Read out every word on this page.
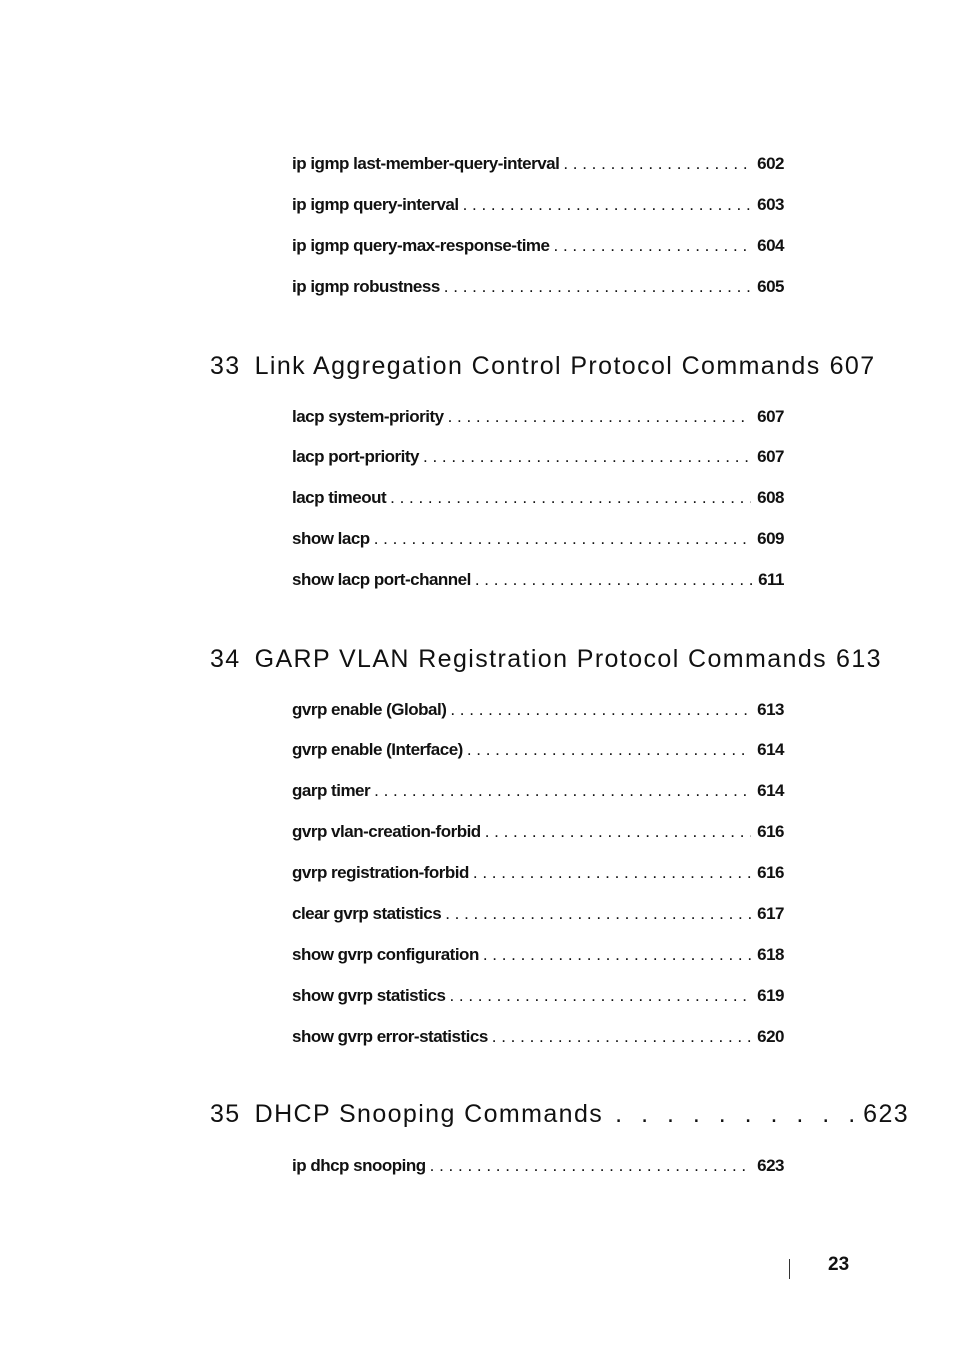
ip igmp last-member-query-interval . . .	602
ip igmp query-interval . . .	603
ip igmp query-max-response-time . . .	604
ip igmp robustness . . .	605
33 Link Aggregation Control Protocol Commands 607
lacp system-priority . . .	607
lacp port-priority . . .	607
lacp timeout . . .	608
show lacp . . .	609
show lacp port-channel . . .	611
34 GARP VLAN Registration Protocol Commands 613
gvrp enable (Global) . . .	613
gvrp enable (Interface) . . .	614
garp timer . . .	614
gvrp vlan-creation-forbid . . .	616
gvrp registration-forbid . . .	616
clear gvrp statistics . . .	617
show gvrp configuration . . .	618
show gvrp statistics . . .	619
show gvrp error-statistics . . .	620
35 DHCP Snooping Commands . . . . . . . . . . 623
ip dhcp snooping . . .	623
23
